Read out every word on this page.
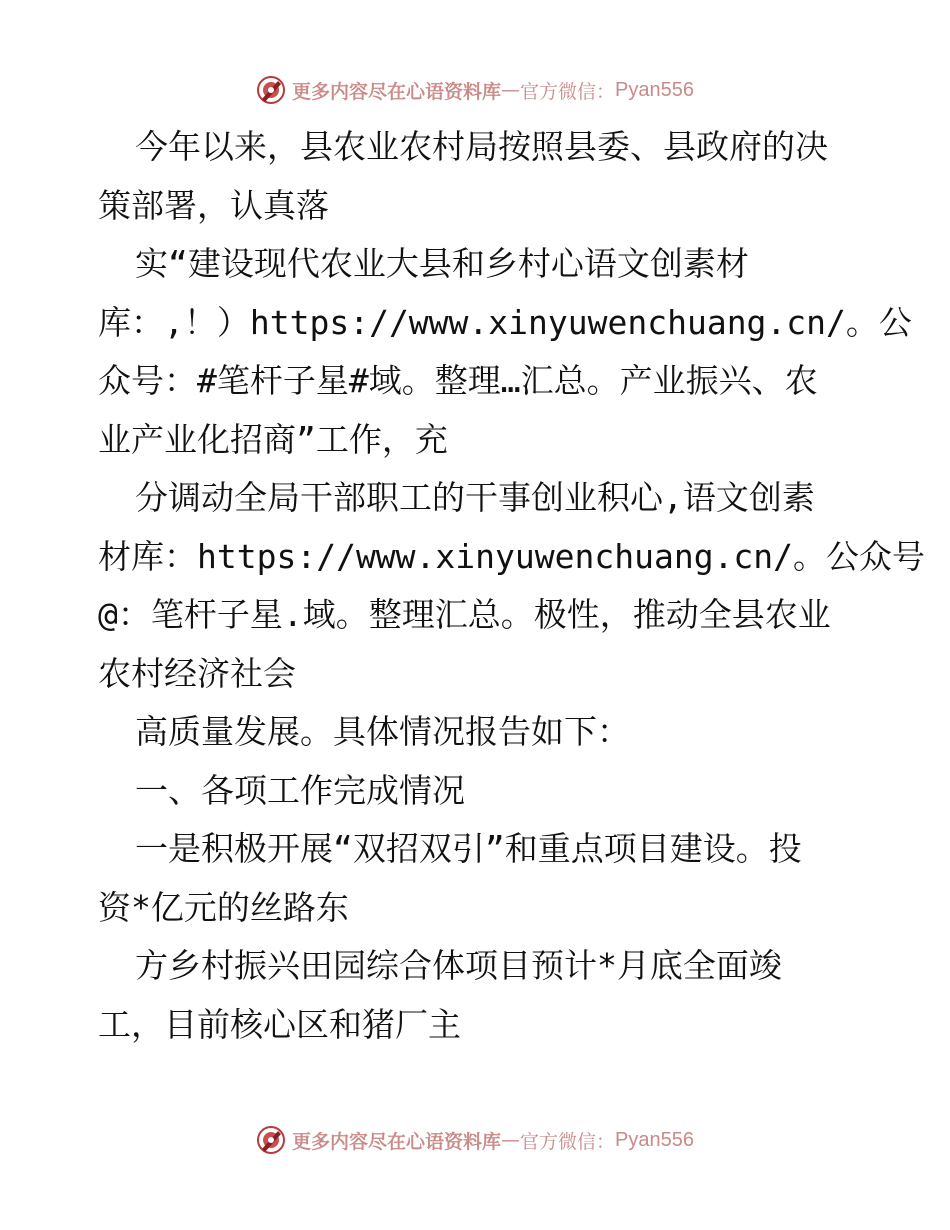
更多内容尽在心语资料库 — 官方微信： Pyan556
今年以来，县农业农村局按照县委、县政府的决
策部署，认真落
实“建设现代农业大县和乡村心语文创素材
库：,！）https://www.xinyuwenchuang.cn/。公
众号：#笔杆子星#域。整理…汇总。产业振兴、农
业产业化招商”工作，充
分调动全局干部职工的干事创业积心,语文创素
材库：https://www.xinyuwenchuang.cn/。公众号
@：笔杆子星.域。整理汇总。极性，推动全县农业
农村经济社会
高质量发展。具体情况报告如下：
一、各项工作完成情况
一是积极开展“双招双引”和重点项目建设。投
资*亿元的丝路东
方乡村振兴田园综合体项目预计*月底全面竣
工，目前核心区和猪厂主
更多内容尽在心语资料库 — 官方微信： Pyan556
